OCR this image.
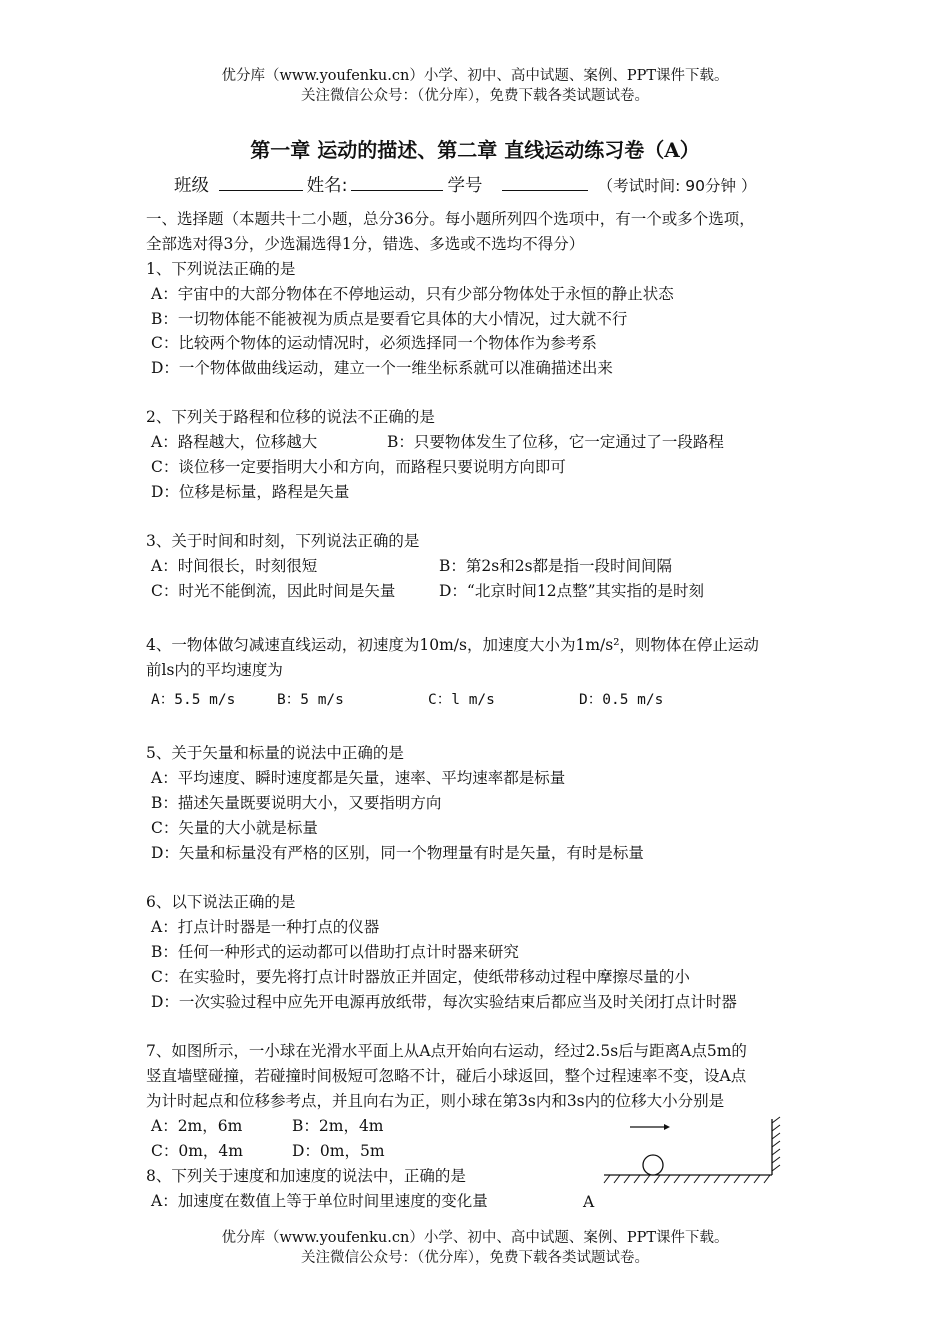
优分库（www.youfenku.cn）小学、初中、高中试题、案例、PPT课件下载。
关注微信公众号：（优分库），免费下载各类试题试卷。
第一章 运动的描述、第二章 直线运动练习卷（A）
班级	姓名:	学号	（考试时间: 90分钟 ）
一、选择题（本题共十二小题，总分36分。每小题所列四个选项中，有一个或多个选项，
全部选对得3分，少选漏选得1分，错选、多选或不选均不得分）
1、下列说法正确的是
A：宇宙中的大部分物体在不停地运动，只有少部分物体处于永恒的静止状态
B：一切物体能不能被视为质点是要看它具体的大小情况，过大就不行
C：比较两个物体的运动情况时，必须选择同一个物体作为参考系
D：一个物体做曲线运动，建立一个一维坐标系就可以准确描述出来
2、下列关于路程和位移的说法不正确的是
A：路程越大，位移越大	B：只要物体发生了位移，它一定通过了一段路程
C：谈位移一定要指明大小和方向，而路程只要说明方向即可
D：位移是标量，路程是矢量
3、关于时间和时刻，下列说法正确的是
A：时间很长，时刻很短	B：第2s和2s都是指一段时间间隔
C：时光不能倒流，因此时间是矢量	D：“北京时间12点整”其实指的是时刻
4、一物体做匀减速直线运动，初速度为10m/s，加速度大小为1m/s²，则物体在停止运动
前ls内的平均速度为
A：5.5 m/s	B：5 m/s	C：l m/s	D：0.5 m/s
5、关于矢量和标量的说法中正确的是
A：平均速度、瞬时速度都是矢量，速率、平均速率都是标量
B：描述矢量既要说明大小，又要指明方向
C：矢量的大小就是标量
D：矢量和标量没有严格的区别，同一个物理量有时是矢量，有时是标量
6、以下说法正确的是
A：打点计时器是一种打点的仪器
B：任何一种形式的运动都可以借助打点计时器来研究
C：在实验时，要先将打点计时器放正并固定，使纸带移动过程中摩擦尽量的小
D：一次实验过程中应先开电源再放纸带，每次实验结束后都应当及时关闭打点计时器
7、如图所示，一小球在光滑水平面上从A点开始向右运动，经过2.5s后与距离A点5m的
竖直墙壁碰撞，若碰撞时间极短可忽略不计，碰后小球返回，整个过程速率不变，设A点
为计时起点和位移参考点，并且向右为正，则小球在第3s内和3s内的位移大小分别是
A：2m，6m	B：2m，4m
C：0m，4m	D：0m，5m
A
8、下列关于速度和加速度的说法中，正确的是
A：加速度在数值上等于单位时间里速度的变化量
优分库（www.youfenku.cn）小学、初中、高中试题、案例、PPT课件下载。
关注微信公众号：（优分库），免费下载各类试题试卷。
